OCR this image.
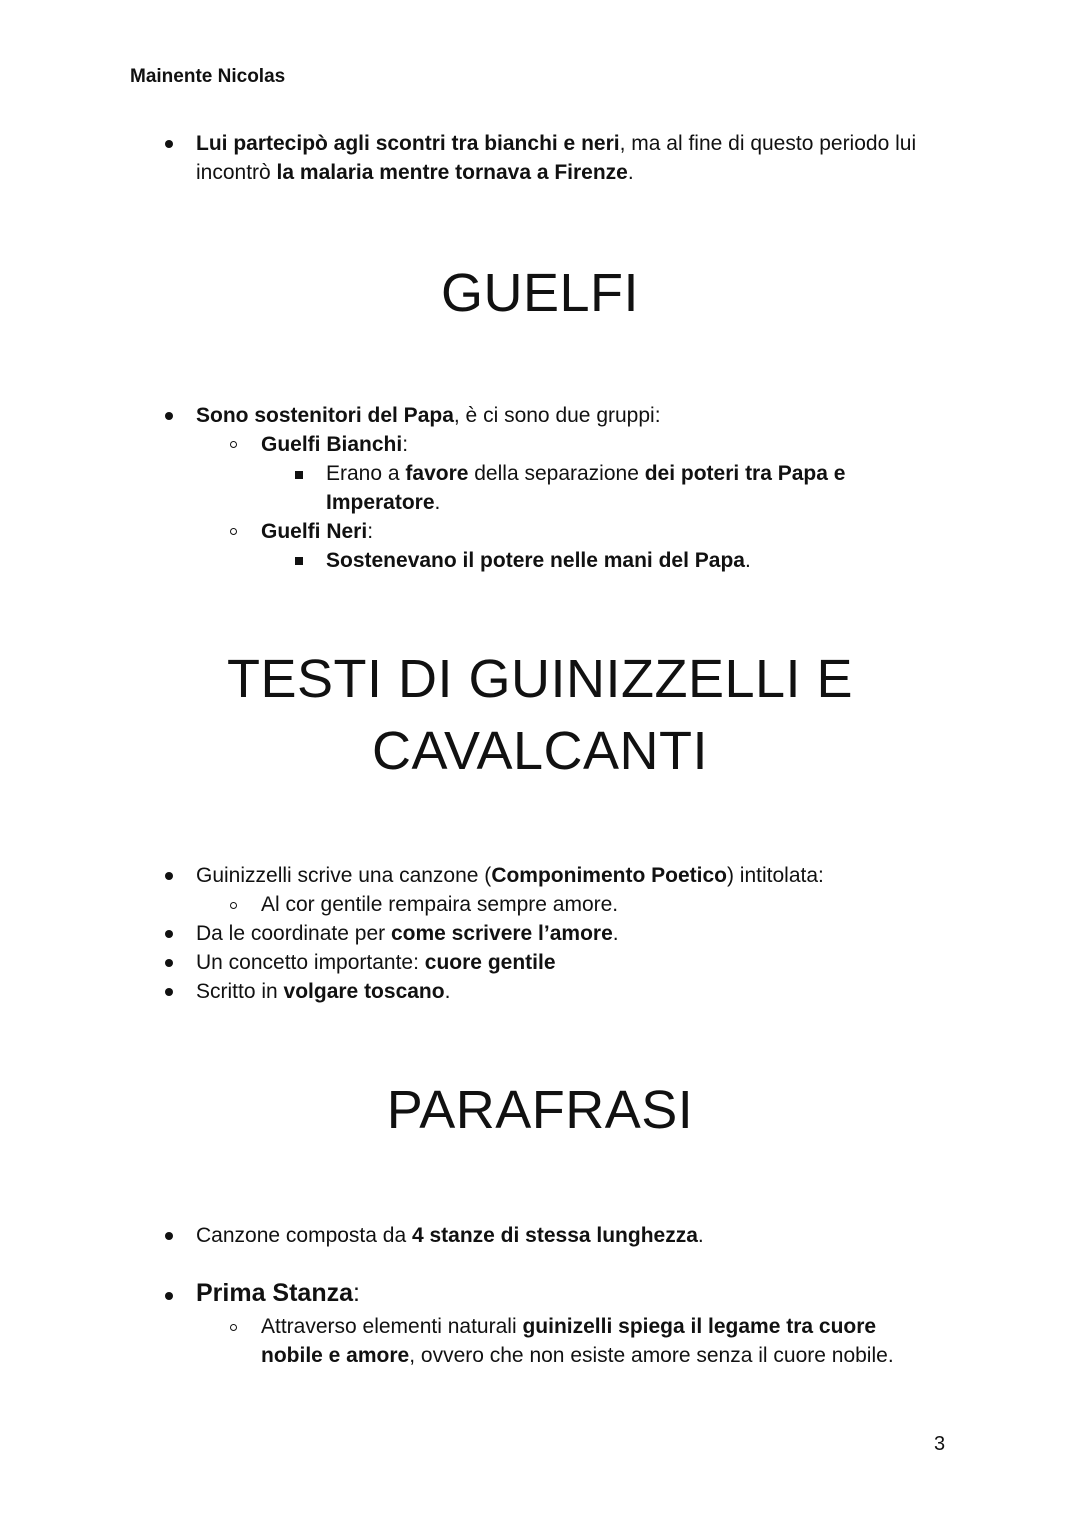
Mainente Nicolas
Lui partecipò agli scontri tra bianchi e neri, ma al fine di questo periodo lui
incontrò la malaria mentre tornava a Firenze.
GUELFI
Sono sostenitori del Papa, è ci sono due gruppi:
Guelfi Bianchi:
Erano a favore della separazione dei poteri tra Papa e
Imperatore.
Guelfi Neri:
Sostenevano il potere nelle mani del Papa.
TESTI DI GUINIZZELLI E
CAVALCANTI
Guinizzelli scrive una canzone (Componimento Poetico) intitolata:
Al cor gentile rempaira sempre amore.
Da le coordinate per come scrivere l’amore.
Un concetto importante: cuore gentile
Scritto in volgare toscano.
PARAFRASI
Canzone composta da 4 stanze di stessa lunghezza.
Prima Stanza:
Attraverso elementi naturali guinizelli spiega il legame tra cuore
nobile e amore, ovvero che non esiste amore senza il cuore nobile.
3
